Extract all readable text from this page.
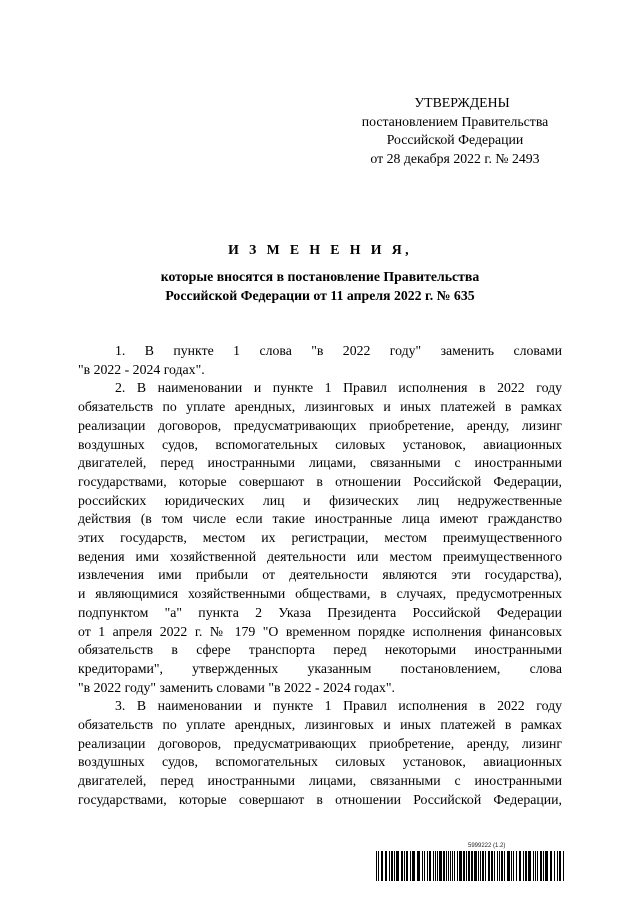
УТВЕРЖДЕНЫ
постановлением Правительства
Российской Федерации
от 28 декабря 2022 г. № 2493
И З М Е Н Е Н И Я,
которые вносятся в постановление Правительства
Российской Федерации от 11 апреля 2022 г. № 635

1. В пункте 1 слова "в 2022 году" заменить словами

"в 2022 - 2024 годах".

2. В наименовании и пункте 1 Правил исполнения в 2022 году

обязательств по уплате арендных, лизинговых и иных платежей в рамках

реализации договоров, предусматривающих приобретение, аренду, лизинг

воздушных судов, вспомогательных силовых установок, авиационных

двигателей, перед иностранными лицами, связанными с иностранными

государствами, которые совершают в отношении Российской Федерации,

российских юридических лиц и физических лиц недружественные

действия (в том числе если такие иностранные лица имеют гражданство

этих государств, местом их регистрации, местом преимущественного

ведения ими хозяйственной деятельности или местом преимущественного

извлечения ими прибыли от деятельности являются эти государства),

и являющимися хозяйственными обществами, в случаях, предусмотренных

подпунктом "а" пункта 2 Указа Президента Российской Федерации

от 1 апреля 2022 г. № 179 "О временном порядке исполнения финансовых

обязательств в сфере транспорта перед некоторыми иностранными

кредиторами", утвержденных указанным постановлением, слова

"в 2022 году" заменить словами "в 2022 - 2024 годах".

3. В наименовании и пункте 1 Правил исполнения в 2022 году

обязательств по уплате арендных, лизинговых и иных платежей в рамках

реализации договоров, предусматривающих приобретение, аренду, лизинг

воздушных судов, вспомогательных силовых установок, авиационных

двигателей, перед иностранными лицами, связанными с иностранными

государствами, которые совершают в отношении Российской Федерации,

5999222 (1.2)
